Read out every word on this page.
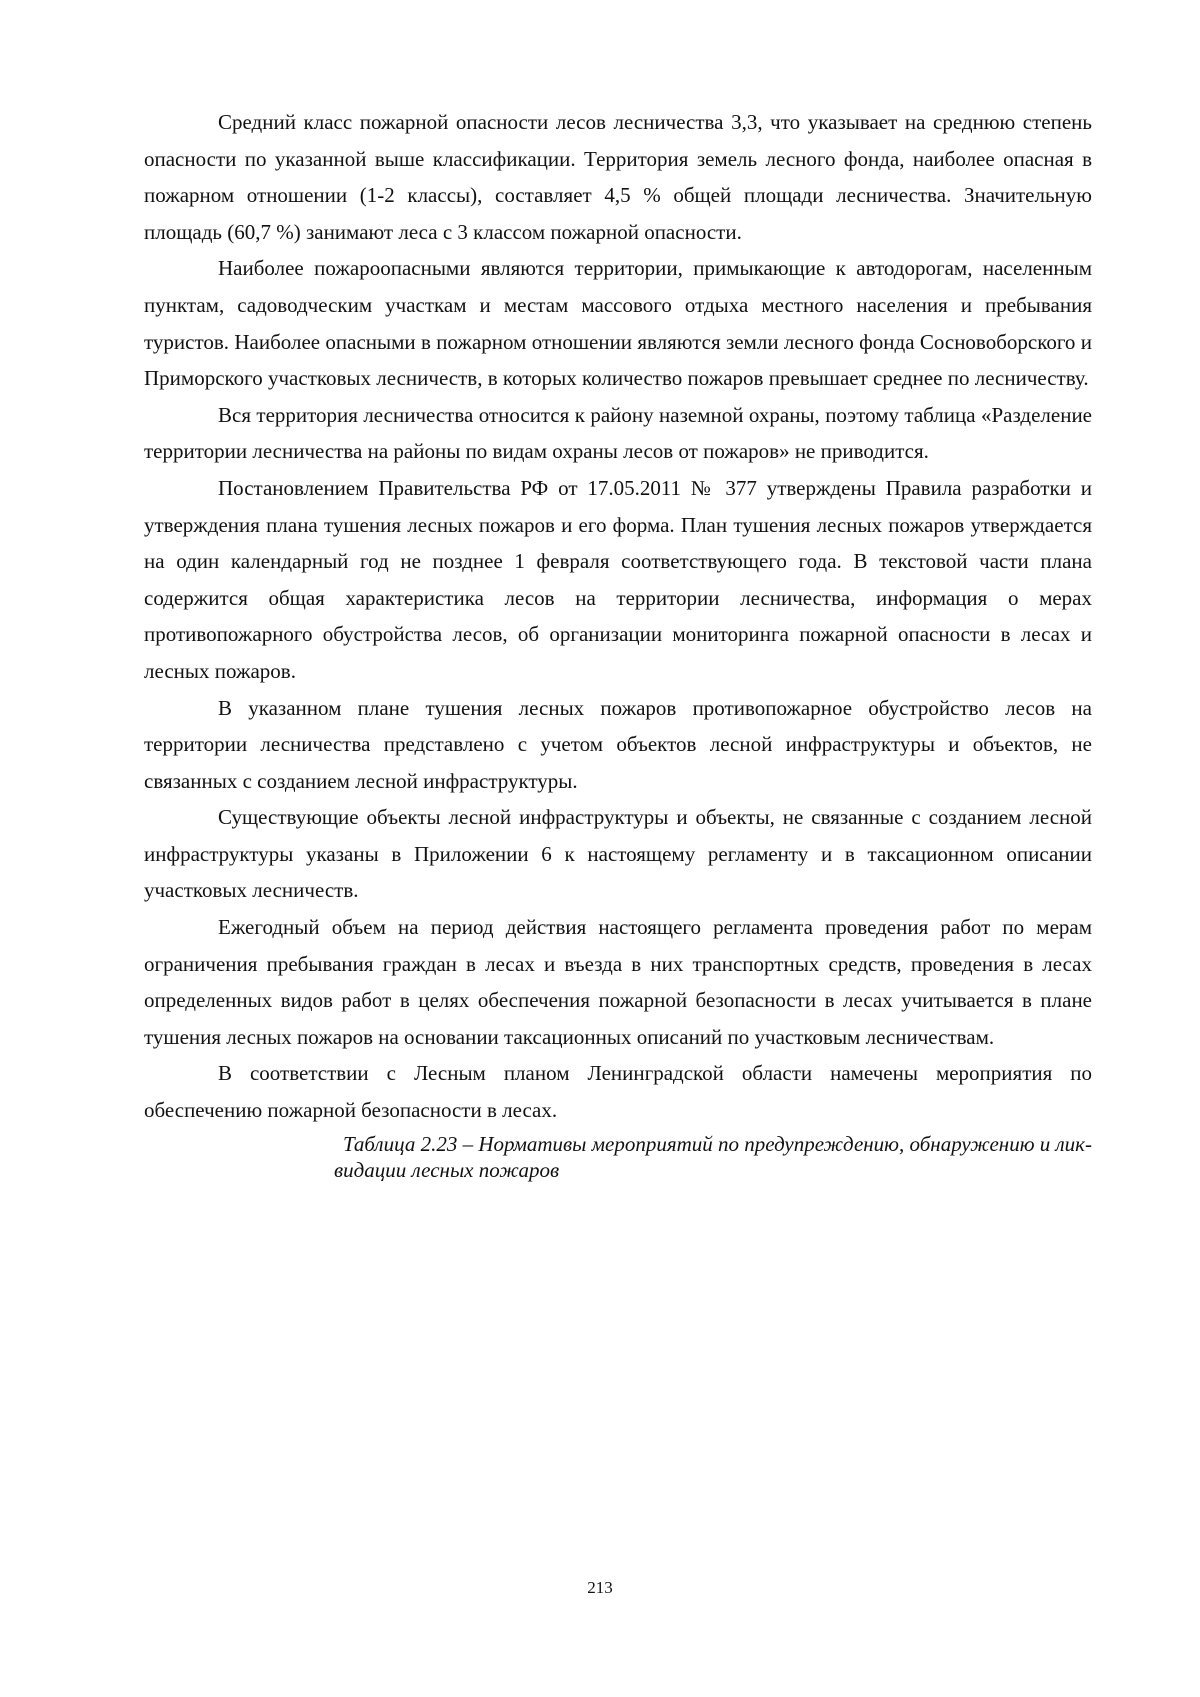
Средний класс пожарной опасности лесов лесничества 3,3, что указывает на среднюю степень опасности по указанной выше классификации. Территория земель лесного фонда, наиболее опасная в пожарном отношении (1-2 классы), составляет 4,5 % общей площади лесничества. Значительную площадь (60,7 %) занимают леса с 3 классом пожарной опасности.

Наиболее пожароопасными являются территории, примыкающие к автодорогам, населенным пунктам, садоводческим участкам и местам массового отдыха местного населения и пребывания туристов. Наиболее опасными в пожарном отношении являются земли лесного фонда Сосновоборского и Приморского участковых лесничеств, в которых количество пожаров превышает среднее по лесничеству.

Вся территория лесничества относится к району наземной охраны, поэтому таблица «Разделение территории лесничества на районы по видам охраны лесов от пожаров» не приводится.

Постановлением Правительства РФ от 17.05.2011 № 377 утверждены Правила разработки и утверждения плана тушения лесных пожаров и его форма. План тушения лесных пожаров утверждается на один календарный год не позднее 1 февраля соответствующего года. В текстовой части плана содержится общая характеристика лесов на территории лесничества, информация о мерах противопожарного обустройства лесов, об организации мониторинга пожарной опасности в лесах и лесных пожаров.

В указанном плане тушения лесных пожаров противопожарное обустройство лесов на территории лесничества представлено с учетом объектов лесной инфраструктуры и объектов, не связанных с созданием лесной инфраструктуры.

Существующие объекты лесной инфраструктуры и объекты, не связанные с созданием лесной инфраструктуры указаны в Приложении 6 к настоящему регламенту и в таксационном описании участковых лесничеств.

Ежегодный объем на период действия настоящего регламента проведения работ по мерам ограничения пребывания граждан в лесах и въезда в них транспортных средств, проведения в лесах определенных видов работ в целях обеспечения пожарной безопасности в лесах учитывается в плане тушения лесных пожаров на основании таксационных описаний по участковым лесничествам.

В соответствии с Лесным планом Ленинградской области намечены мероприятия по обеспечению пожарной безопасности в лесах.

Таблица 2.23 – Нормативы мероприятий по предупреждению, обнаружению и лик-
видации лесных пожаров

213
